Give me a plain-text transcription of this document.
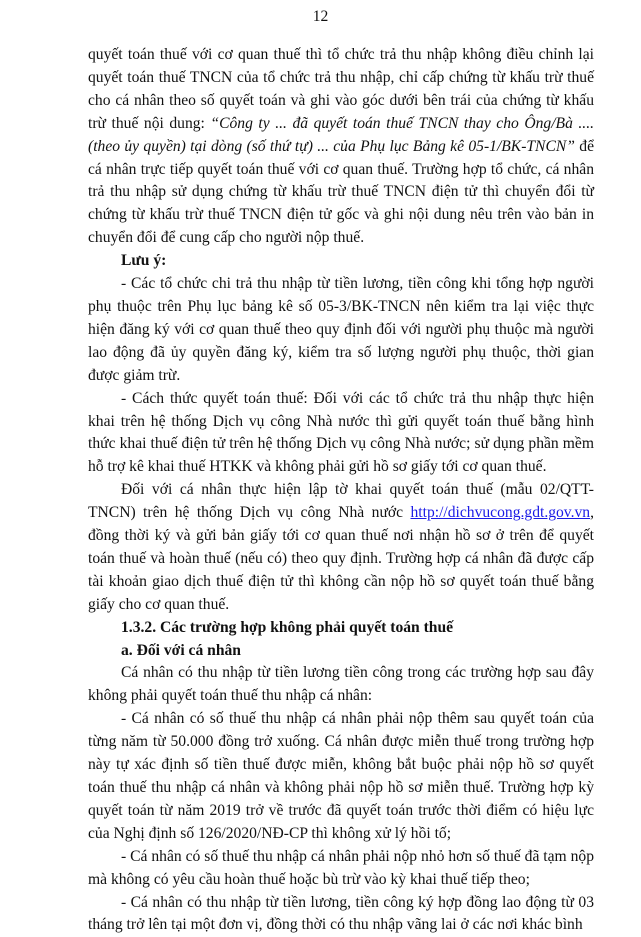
12

quyết toán thuế với cơ quan thuế thì tổ chức trả thu nhập không điều chỉnh lại quyết toán thuế TNCN của tổ chức trả thu nhập, chỉ cấp chứng từ khấu trừ thuế cho cá nhân theo số quyết toán và ghi vào góc dưới bên trái của chứng từ khấu trừ thuế nội dung: “Công ty ... đã quyết toán thuế TNCN thay cho Ông/Bà .... (theo ủy quyền) tại dòng (số thứ tự) ... của Phụ lục Bảng kê 05-1/BK-TNCN” để cá nhân trực tiếp quyết toán thuế với cơ quan thuế. Trường hợp tổ chức, cá nhân trả thu nhập sử dụng chứng từ khấu trừ thuế TNCN điện tử thì chuyển đổi từ chứng từ khấu trừ thuế TNCN điện tử gốc và ghi nội dung nêu trên vào bản in chuyển đổi để cung cấp cho người nộp thuế.

Lưu ý:

- Các tổ chức chi trả thu nhập từ tiền lương, tiền công khi tổng hợp người phụ thuộc trên Phụ lục bảng kê số 05-3/BK-TNCN nên kiểm tra lại việc thực hiện đăng ký với cơ quan thuế theo quy định đối với người phụ thuộc mà người lao động đã ủy quyền đăng ký, kiểm tra số lượng người phụ thuộc, thời gian được giảm trừ.

- Cách thức quyết toán thuế: Đối với các tổ chức trả thu nhập thực hiện khai trên hệ thống Dịch vụ công Nhà nước thì gửi quyết toán thuế bằng hình thức khai thuế điện tử trên hệ thống Dịch vụ công Nhà nước; sử dụng phần mềm hỗ trợ kê khai thuế HTKK và không phải gửi hồ sơ giấy tới cơ quan thuế.

Đối với cá nhân thực hiện lập tờ khai quyết toán thuế (mẫu 02/QTT-TNCN) trên hệ thống Dịch vụ công Nhà nước http://dichvucong.gdt.gov.vn, đồng thời ký và gửi bản giấy tới cơ quan thuế nơi nhận hồ sơ ở trên để quyết toán thuế và hoàn thuế (nếu có) theo quy định. Trường hợp cá nhân đã được cấp tài khoản giao dịch thuế điện tử thì không cần nộp hồ sơ quyết toán thuế bằng giấy cho cơ quan thuế.

1.3.2. Các trường hợp không phải quyết toán thuế

a. Đối với cá nhân

Cá nhân có thu nhập từ tiền lương tiền công trong các trường hợp sau đây không phải quyết toán thuế thu nhập cá nhân:

- Cá nhân có số thuế thu nhập cá nhân phải nộp thêm sau quyết toán của từng năm từ 50.000 đồng trở xuống. Cá nhân được miễn thuế trong trường hợp này tự xác định số tiền thuế được miễn, không bắt buộc phải nộp hồ sơ quyết toán thuế thu nhập cá nhân và không phải nộp hồ sơ miễn thuế. Trường hợp kỳ quyết toán từ năm 2019 trở về trước đã quyết toán trước thời điểm có hiệu lực của Nghị định số 126/2020/NĐ-CP thì không xử lý hồi tố;

- Cá nhân có số thuế thu nhập cá nhân phải nộp nhỏ hơn số thuế đã tạm nộp mà không có yêu cầu hoàn thuế hoặc bù trừ vào kỳ khai thuế tiếp theo;

- Cá nhân có thu nhập từ tiền lương, tiền công ký hợp đồng lao động từ 03 tháng trở lên tại một đơn vị, đồng thời có thu nhập vãng lai ở các nơi khác bình
